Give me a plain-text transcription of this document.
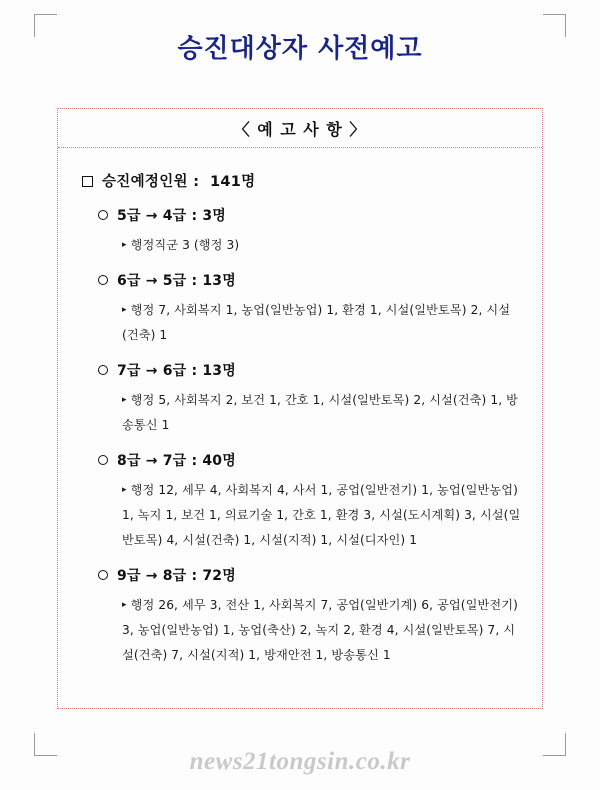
승진대상자 사전예고
〈 예 고 사 항 〉
승진예정인원 : 141명
5급 → 4급 : 3명
▸ 행정직군 3 (행정 3)
6급 → 5급 : 13명
▸ 행정 7, 사회복지 1, 농업(일반농업) 1, 환경 1, 시설(일반토목) 2, 시설(건축) 1
7급 → 6급 : 13명
▸ 행정 5, 사회복지 2, 보건 1, 간호 1, 시설(일반토목) 2, 시설(건축) 1, 방송통신 1
8급 → 7급 : 40명
▸ 행정 12, 세무 4, 사회복지 4, 사서 1, 공업(일반전기) 1, 농업(일반농업) 1, 녹지 1, 보건 1, 의료기술 1, 간호 1, 환경 3, 시설(도시계획) 3, 시설(일반토목) 4, 시설(건축) 1, 시설(지적) 1, 시설(디자인) 1
9급 → 8급 : 72명
▸ 행정 26, 세무 3, 전산 1, 사회복지 7, 공업(일반기계) 6, 공업(일반전기) 3, 농업(일반농업) 1, 농업(축산) 2, 녹지 2, 환경 4, 시설(일반토목) 7, 시설(건축) 7, 시설(지적) 1, 방재안전 1, 방송통신 1
news21tongsin.co.kr
